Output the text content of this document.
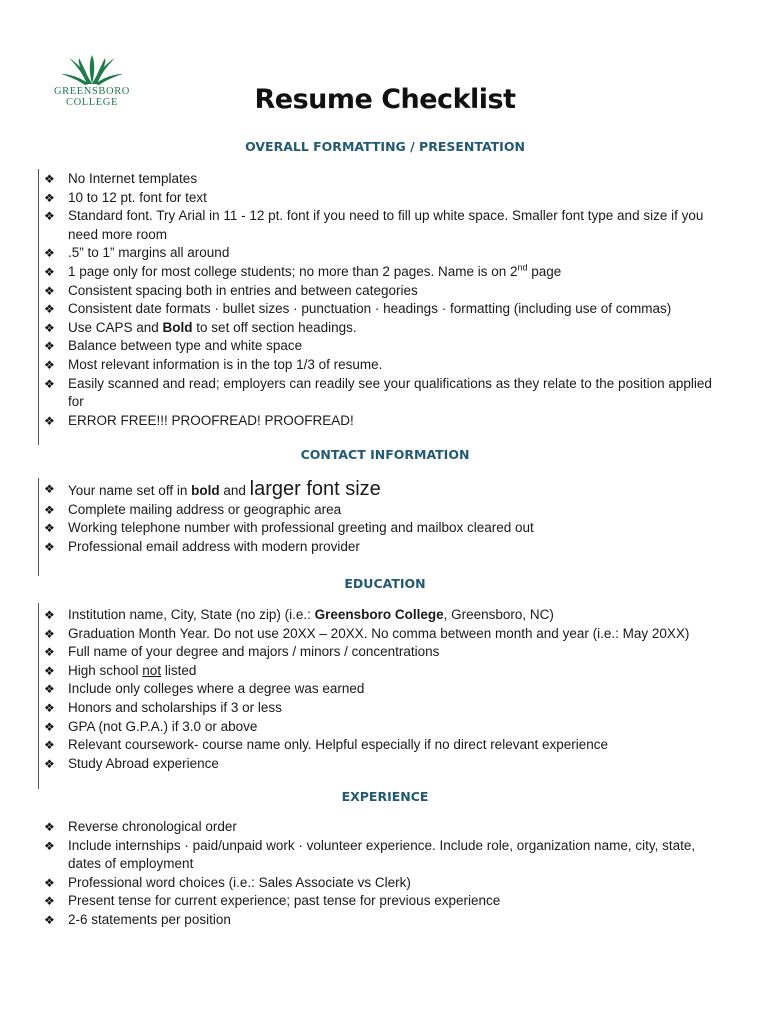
GREENSBORO
COLLEGE	Resume Checklist
OVERALL FORMATTING / PRESENTATION
❖ No Internet templates
❖ 10 to 12 pt. font for text
❖ Standard font. Try Arial in 11 - 12 pt. font if you need to fill up white space. Smaller font type and size if you need more room
❖ .5” to 1” margins all around
❖ 1 page only for most college students; no more than 2 pages. Name is on 2nd page
❖ Consistent spacing both in entries and between categories
❖ Consistent date formats · bullet sizes · punctuation · headings · formatting (including use of commas)
❖ Use CAPS and Bold to set off section headings.
❖ Balance between type and white space
❖ Most relevant information is in the top 1/3 of resume.
❖ Easily scanned and read; employers can readily see your qualifications as they relate to the position applied for
❖ ERROR FREE!!! PROOFREAD! PROOFREAD!
CONTACT INFORMATION
❖ Your name set off in bold and larger font size
❖ Complete mailing address or geographic area
❖ Working telephone number with professional greeting and mailbox cleared out
❖ Professional email address with modern provider
EDUCATION
❖ Institution name, City, State (no zip) (i.e.: Greensboro College, Greensboro, NC)
❖ Graduation Month Year. Do not use 20XX – 20XX. No comma between month and year (i.e.: May 20XX)
❖ Full name of your degree and majors / minors / concentrations
❖ High school not listed
❖ Include only colleges where a degree was earned
❖ Honors and scholarships if 3 or less
❖ GPA (not G.P.A.) if 3.0 or above
❖ Relevant coursework- course name only. Helpful especially if no direct relevant experience
❖ Study Abroad experience
EXPERIENCE
❖ Reverse chronological order
❖ Include internships · paid/unpaid work · volunteer experience. Include role, organization name, city, state, dates of employment
❖ Professional word choices (i.e.: Sales Associate vs Clerk)
❖ Present tense for current experience; past tense for previous experience
❖ 2-6 statements per position
